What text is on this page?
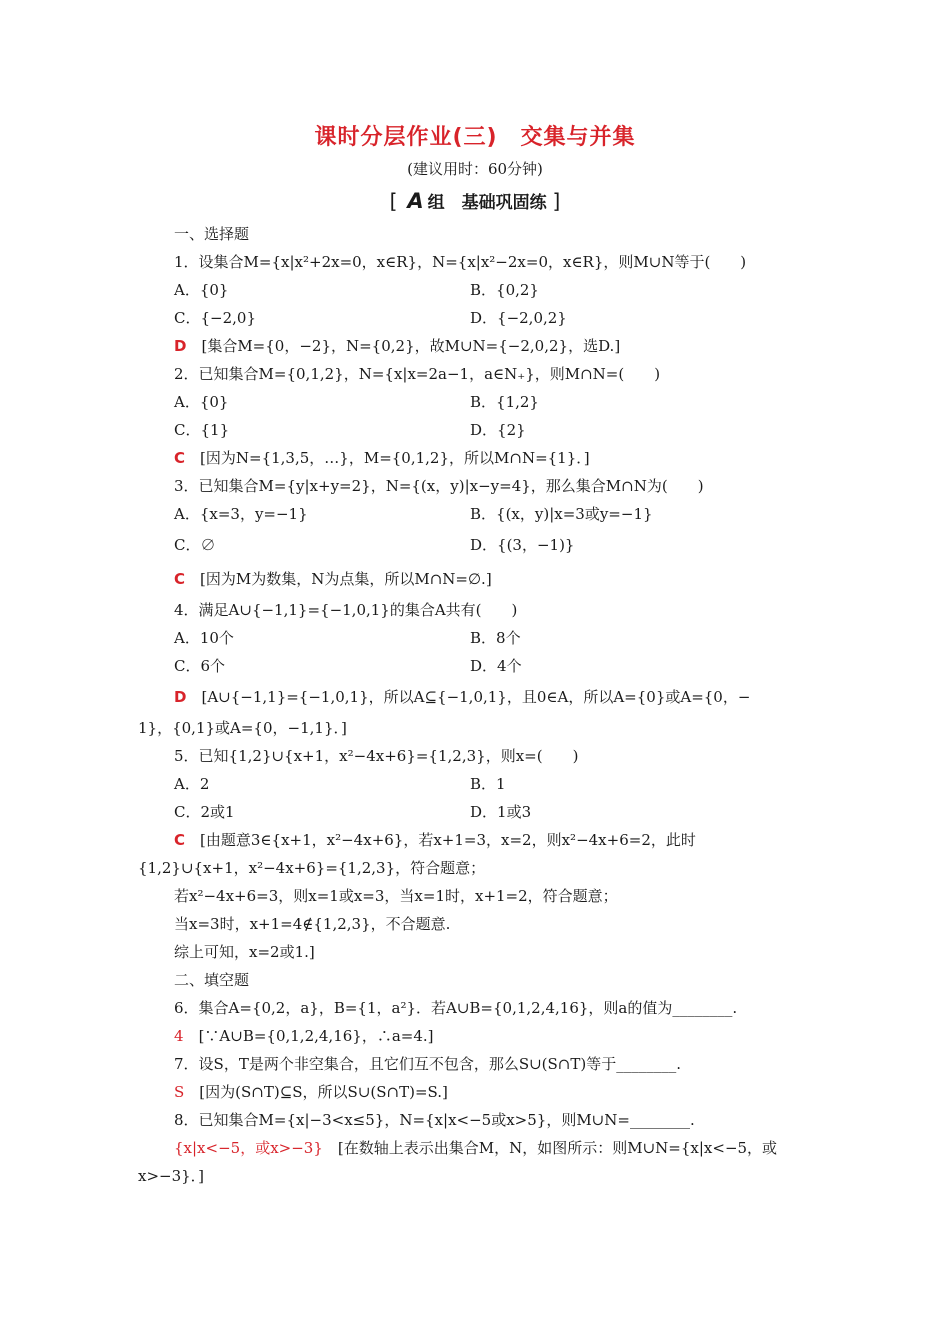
课时分层作业(三)　交集与并集
(建议用时：60分钟)
[ A 组　基础巩固练 ]
一、选择题
1．设集合M={x|x²+2x=0，x∈R}，N={x|x²−2x=0，x∈R}，则M∪N等于(　　)
A．{0}	B．{0,2}
C．{−2,0}	D．{−2,0,2}
D　 [集合M={0，−2}，N={0,2}，故M∪N={−2,0,2}，选D.]
2．已知集合M={0,1,2}，N={x|x=2a−1，a∈N₊}，则M∩N=(　　)
A．{0}	B．{1,2}
C．{1}	D．{2}
C　 [因为N={1,3,5，…}，M={0,1,2}，所以M∩N={1}．]
3．已知集合M={y|x+y=2}，N={(x，y)|x−y=4}，那么集合M∩N为(　　)
A．{x=3，y=−1}	B．{(x，y)|x=3或y=−1}
C．∅	D．{(3，−1)}
C　 [因为M为数集，N为点集，所以M∩N=∅.]
4．满足A∪{−1,1}={−1,0,1}的集合A共有(　　)
A．10个	B．8个
C．6个	D．4个
D　 [A∪{−1,1}={−1,0,1}，所以A⊆{−1,0,1}，且0∈A，所以A={0}或A={0，−
1}，{0,1}或A={0，−1,1}．]
5．已知{1,2}∪{x+1，x²−4x+6}={1,2,3}，则x=(　　)
A．2	B．1
C．2或1	D．1或3
C　 [由题意3∈{x+1，x²−4x+6}，若x+1=3，x=2，则x²−4x+6=2，此时
{1,2}∪{x+1，x²−4x+6}={1,2,3}，符合题意；
若x²−4x+6=3，则x=1或x=3，当x=1时，x+1=2，符合题意；
当x=3时，x+1=4∉{1,2,3}，不合题意.
综上可知，x=2或1.]
二、填空题
6．集合A={0,2，a}，B={1，a²}．若A∪B={0,1,2,4,16}，则a的值为________.
4　 [∵A∪B={0,1,2,4,16}，∴a=4.]
7．设S，T是两个非空集合，且它们互不包含，那么S∪(S∩T)等于________.
S　 [因为(S∩T)⊆S，所以S∪(S∩T)=S.]
8．已知集合M={x|−3<x≤5}，N={x|x<−5或x>5}，则M∪N=________.
{x|x<−5，或x>−3}　 [在数轴上表示出集合M，N，如图所示：则M∪N={x|x<−5，或
x>−3}．]
